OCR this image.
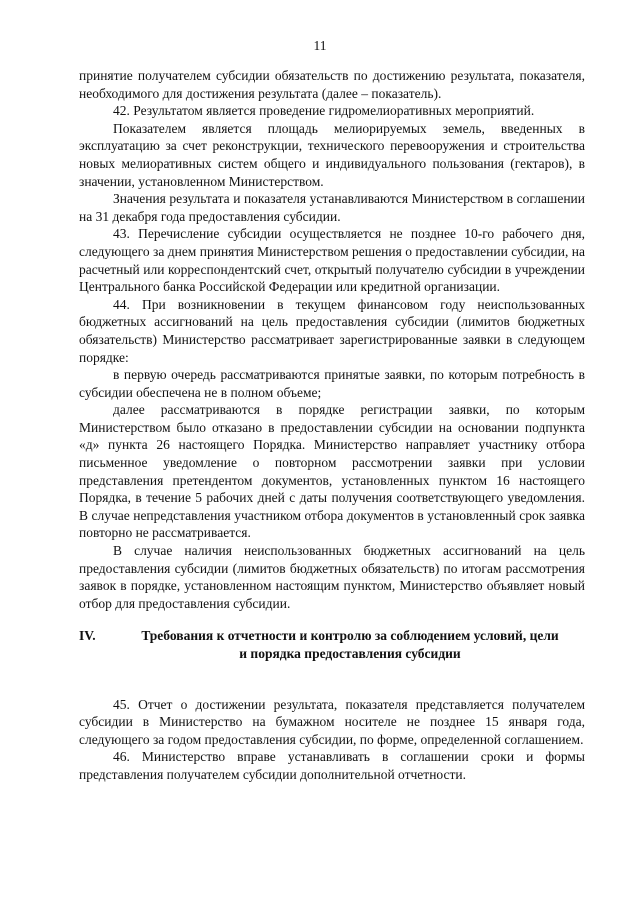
11

принятие получателем субсидии обязательств по достижению результата, показателя, необходимого для достижения результата (далее – показатель).

42. Результатом является проведение гидромелиоративных мероприятий.

Показателем является площадь мелиорируемых земель, введенных в эксплуатацию за счет реконструкции, технического перевооружения и строительства новых мелиоративных систем общего и индивидуального пользования (гектаров), в значении, установленном Министерством.

Значения результата и показателя устанавливаются Министерством в соглашении на 31 декабря года предоставления субсидии.

43. Перечисление субсидии осуществляется не позднее 10-го рабочего дня, следующего за днем принятия Министерством решения о предоставлении субсидии, на расчетный или корреспондентский счет, открытый получателю субсидии в учреждении Центрального банка Российской Федерации или кредитной организации.

44. При возникновении в текущем финансовом году неиспользованных бюджетных ассигнований на цель предоставления субсидии (лимитов бюджетных обязательств) Министерство рассматривает зарегистрированные заявки в следующем порядке:

в первую очередь рассматриваются принятые заявки, по которым потребность в субсидии обеспечена не в полном объеме;

далее рассматриваются в порядке регистрации заявки, по которым Министерством было отказано в предоставлении субсидии на основании подпункта «д» пункта 26 настоящего Порядка. Министерство направляет участнику отбора письменное уведомление о повторном рассмотрении заявки при условии представления претендентом документов, установленных пунктом 16 настоящего Порядка, в течение 5 рабочих дней с даты получения соответствующего уведомления. В случае непредставления участником отбора документов в установленный срок заявка повторно не рассматривается.

В случае наличия неиспользованных бюджетных ассигнований на цель предоставления субсидии (лимитов бюджетных обязательств) по итогам рассмотрения заявок в порядке, установленном настоящим пунктом, Министерство объявляет новый отбор для предоставления субсидии.

IV.	Требования к отчетности и контролю за соблюдением условий, цели
и порядка предоставления субсидии

45. Отчет о достижении результата, показателя представляется получателем субсидии в Министерство на бумажном носителе не позднее 15 января года, следующего за годом предоставления субсидии, по форме, определенной соглашением.

46. Министерство вправе устанавливать в соглашении сроки и формы представления получателем субсидии дополнительной отчетности.
